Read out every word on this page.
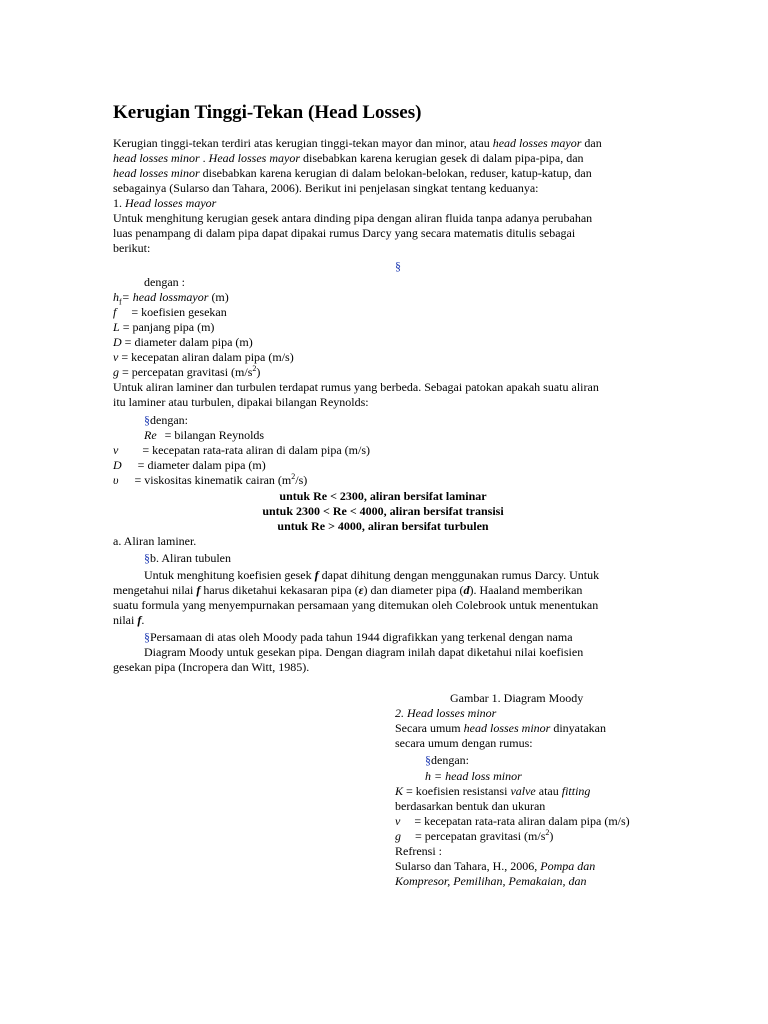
Kerugian Tinggi-Tekan (Head Losses)
Kerugian tinggi-tekan terdiri atas kerugian tinggi-tekan mayor dan minor, atau head losses mayor dan
head losses minor . Head losses mayor disebabkan karena kerugian gesek di dalam pipa-pipa, dan
head losses minor disebabkan karena kerugian di dalam belokan-belokan, reduser, katup-katup, dan
sebagainya (Sularso dan Tahara, 2006). Berikut ini penjelasan singkat tentang keduanya:
1. Head losses mayor
Untuk menghitung kerugian gesek antara dinding pipa dengan aliran fluida tanpa adanya perubahan
luas penampang di dalam pipa dapat dipakai rumus Darcy yang secara matematis ditulis sebagai
berikut:
§
dengan :
$h_f=$ head lossmayor (m)
f = koefisien gesekan
L = panjang pipa (m)
D = diameter dalam pipa (m)
v = kecepatan aliran dalam pipa (m/s)
g = percepatan gravitasi $(m/s^2)$
Untuk aliran laminer dan turbulen terdapat rumus yang berbeda. Sebagai patokan apakah suatu aliran
itu laminer atau turbulen, dipakai bilangan Reynolds:
§dengan:
Re = bilangan Reynolds
v = kecepatan rata-rata aliran di dalam pipa (m/s)
D = diameter dalam pipa (m)
υ = viskositas kinematik cairan $(m^2/s)$
untuk Re < 2300, aliran bersifat laminar
untuk 2300 < Re < 4000, aliran bersifat transisi
untuk Re > 4000, aliran bersifat turbulen
a. Aliran laminer.
§b. Aliran tubulen
Untuk menghitung koefisien gesek f dapat dihitung dengan menggunakan rumus Darcy. Untuk
mengetahui nilai f harus diketahui kekasaran pipa (ε) dan diameter pipa (d). Haaland memberikan
suatu formula yang menyempurnakan persamaan yang ditemukan oleh Colebrook untuk menentukan
nilai f.
§Persamaan di atas oleh Moody pada tahun 1944 digrafikkan yang terkenal dengan nama
Diagram Moody untuk gesekan pipa. Dengan diagram inilah dapat diketahui nilai koefisien
gesekan pipa (Incropera dan Witt, 1985).
Gambar 1. Diagram Moody
2. Head losses minor
Secara umum head losses minor dinyatakan
secara umum dengan rumus:
§dengan:
h = head loss minor
K = koefisien resistansi valve atau fitting
berdasarkan bentuk dan ukuran
v = kecepatan rata-rata aliran dalam pipa (m/s)
g = percepatan gravitasi $(m/s^2)$
Refrensi :
Sularso dan Tahara, H., 2006, Pompa dan
Kompresor, Pemilihan, Pemakaian, dan
